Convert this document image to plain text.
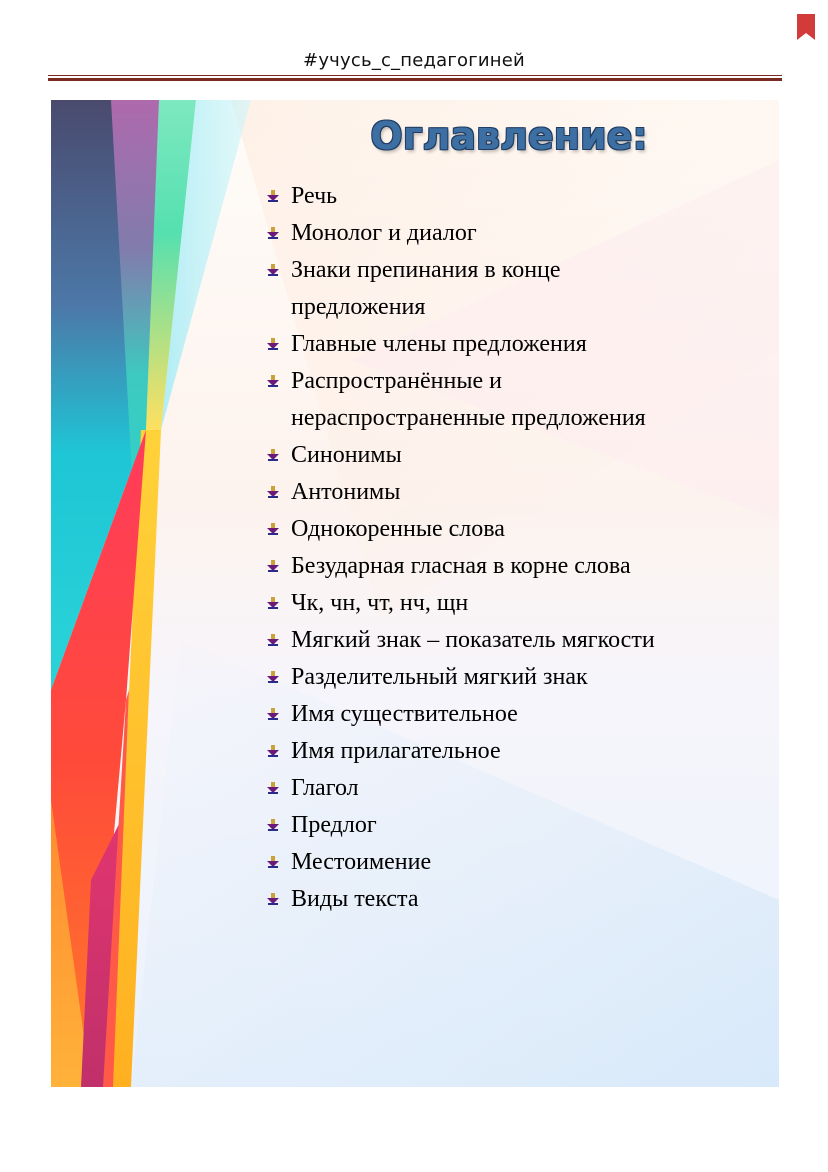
#учусь_с_педагогиней
Оглавление:
Речь
Монолог и диалог
Знаки препинания в конце
предложения
Главные члены предложения
Распространённые и
нераспространенные предложения
Синонимы
Антонимы
Однокоренные слова
Безударная гласная в корне слова
Чк, чн, чт, нч, щн
Мягкий знак – показатель мягкости
Разделительный мягкий знак
Имя существительное
Имя прилагательное
Глагол
Предлог
Местоимение
Виды текста
